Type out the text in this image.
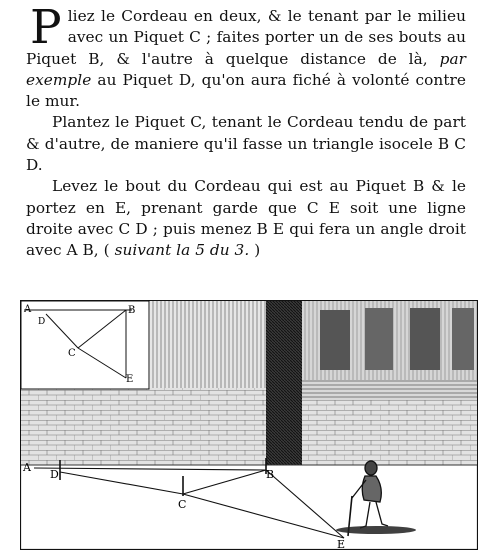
P liez le Cordeau en deux, & le tenant par le milieu avec un Piquet C ; faites porter un de ses bouts au Piquet B, & l'autre à quelque distance de là, par exemple au Piquet D, qu'on aura fiché à volonté contre le mur.

Plantez le Piquet C, tenant le Cordeau tendu de part & d'autre, de maniere qu'il fasse un triangle isocele B C D.

Levez le bout du Cordeau qui est au Piquet B & le portez en E, prenant garde que C E soit une ligne droite avec C D ; puis menez B E qui fera un angle droit avec A B, ( suivant la 5 du 3. )

A
D
B
C
E
A
D	B
C
E
